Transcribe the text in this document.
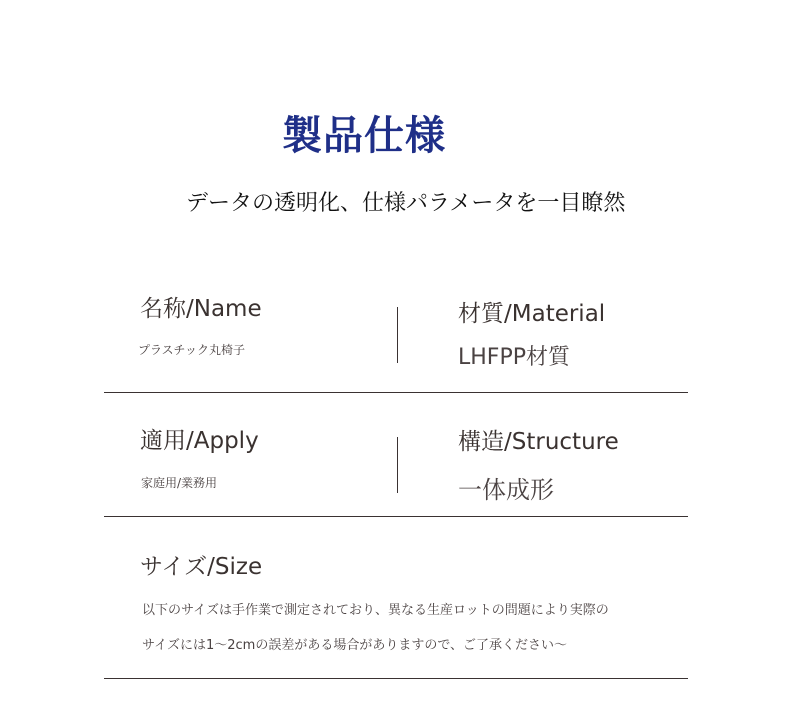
製品仕様

データの透明化、仕様パラメータを一目瞭然

名称/Name

プラスチック丸椅子

材質/Material

LHFPP材質

適用/Apply

家庭用/業務用

構造/Structure

一体成形

サイズ/Size

以下のサイズは手作業で測定されており、異なる生産ロットの問題により実際の

サイズには1〜2cmの誤差がある場合がありますので、ご了承ください〜
